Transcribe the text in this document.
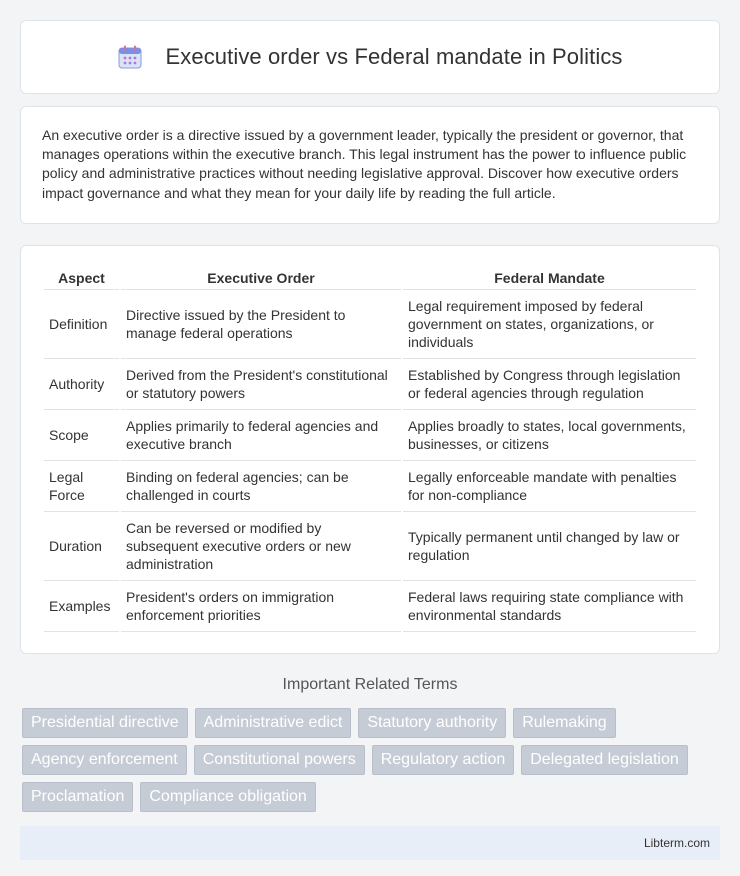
Executive order vs Federal mandate in Politics

An executive order is a directive issued by a government leader, typically the president or governor, that manages operations within the executive branch. This legal instrument has the power to influence public policy and administrative practices without needing legislative approval. Discover how executive orders impact governance and what they mean for your daily life by reading the full article.

Aspect	Executive Order	Federal Mandate
Definition	Directive issued by the President to manage federal operations	Legal requirement imposed by federal government on states, organizations, or individuals
Authority	Derived from the President's constitutional or statutory powers	Established by Congress through legislation or federal agencies through regulation
Scope	Applies primarily to federal agencies and executive branch	Applies broadly to states, local governments, businesses, or citizens
Legal Force	Binding on federal agencies; can be challenged in courts	Legally enforceable mandate with penalties for non-compliance
Duration	Can be reversed or modified by subsequent executive orders or new administration	Typically permanent until changed by law or regulation
Examples	President's orders on immigration enforcement priorities	Federal laws requiring state compliance with environmental standards
Important Related Terms
Presidential directive	Administrative edict	Statutory authority	Rulemaking
Agency enforcement	Constitutional powers	Regulatory action	Delegated legislation
Proclamation	Compliance obligation
Libterm.com
